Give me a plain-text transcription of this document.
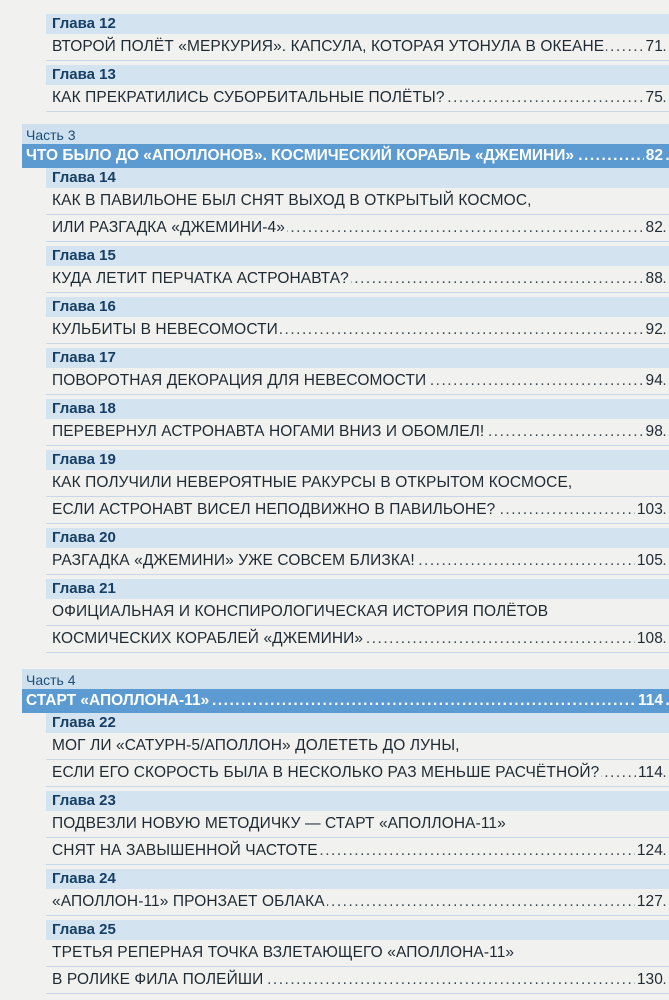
Глава 12
. . . ВТОРОЙ ПОЛЁТ «МЕРКУРИЯ». КАПСУЛА, КОТОРАЯ УТОНУЛА В ОКЕАНЕ	71
Глава 13
. . . КАК ПРЕКРАТИЛИСЬ СУБОРБИТАЛЬНЫЕ ПОЛЁТЫ?	75
Часть 3
. . . ЧТО БЫЛО ДО «АПОЛЛОНОВ». КОСМИЧЕСКИЙ КОРАБЛЬ «ДЖЕМИНИ»	82
Глава 14
КАК В ПАВИЛЬОНЕ БЫЛ СНЯТ ВЫХОД В ОТКРЫТЫЙ КОСМОС,
. . . ИЛИ РАЗГАДКА «ДЖЕМИНИ-4»	82
Глава 15
. . . КУДА ЛЕТИТ ПЕРЧАТКА АСТРОНАВТА?	88
Глава 16
. . . КУЛЬБИТЫ В НЕВЕСОМОСТИ	92
Глава 17
. . . ПОВОРОТНАЯ ДЕКОРАЦИЯ ДЛЯ НЕВЕСОМОСТИ	94
Глава 18
. . . ПЕРЕВЕРНУЛ АСТРОНАВТА НОГАМИ ВНИЗ И ОБОМЛЕЛ!	98
Глава 19
КАК ПОЛУЧИЛИ НЕВЕРОЯТНЫЕ РАКУРСЫ В ОТКРЫТОМ КОСМОСЕ,
. . . ЕСЛИ АСТРОНАВТ ВИСЕЛ НЕПОДВИЖНО В ПАВИЛЬОНЕ?	103
Глава 20
. . . РАЗГАДКА «ДЖЕМИНИ» УЖЕ СОВСЕМ БЛИЗКА!	105
Глава 21
ОФИЦИАЛЬНАЯ И КОНСПИРОЛОГИЧЕСКАЯ ИСТОРИЯ ПОЛЁТОВ
. . . КОСМИЧЕСКИХ КОРАБЛЕЙ «ДЖЕМИНИ»	108
Часть 4
. . . СТАРТ «АПОЛЛОНА-11»	114
Глава 22
МОГ ЛИ «САТУРН-5/АПОЛЛОН» ДОЛЕТЕТЬ ДО ЛУНЫ,
. . . ЕСЛИ ЕГО СКОРОСТЬ БЫЛА В НЕСКОЛЬКО РАЗ МЕНЬШЕ РАСЧЁТНОЙ? 114
Глава 23
ПОДВЕЗЛИ НОВУЮ МЕТОДИЧКУ — СТАРТ «АПОЛЛОНА-11»
. . . СНЯТ НА ЗАВЫШЕННОЙ ЧАСТОТЕ	124
Глава 24
. . . «АПОЛЛОН-11» ПРОНЗАЕТ ОБЛАКА	127
Глава 25
ТРЕТЬЯ РЕПЕРНАЯ ТОЧКА ВЗЛЕТАЮЩЕГО «АПОЛЛОНА-11»
. . . В РОЛИКЕ ФИЛА ПОЛЕЙШИ	130
